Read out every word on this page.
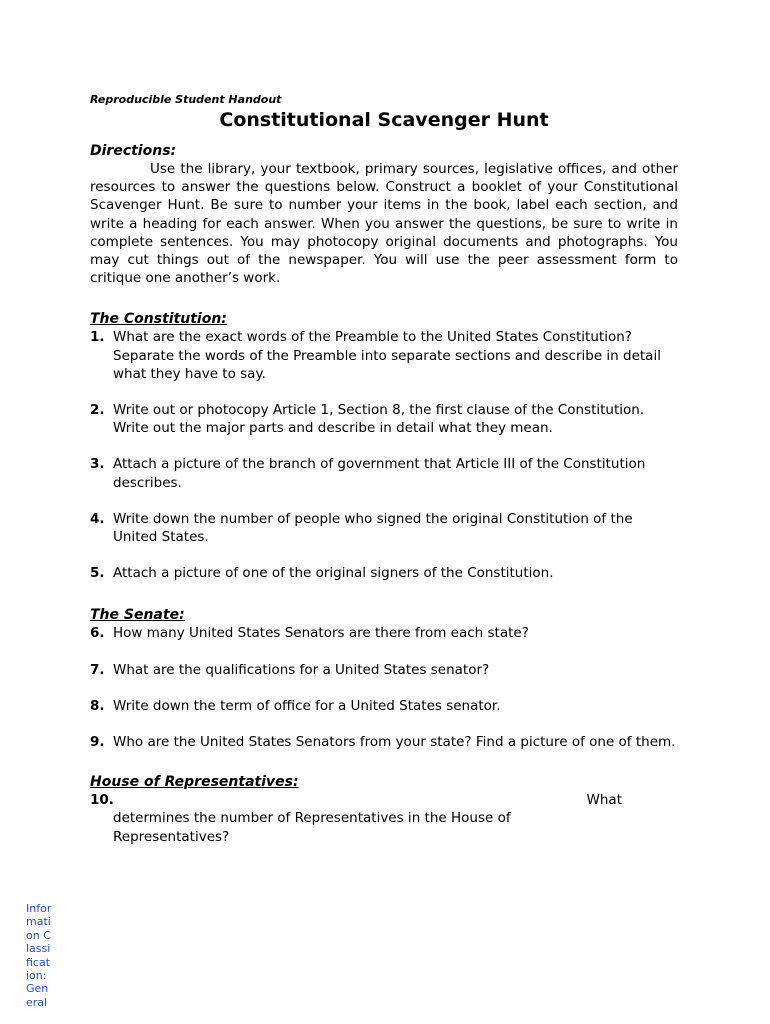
Reproducible Student Handout

Constitutional Scavenger Hunt
Directions:

Use the library, your textbook, primary sources, legislative offices, and other resources to answer the questions below. Construct a booklet of your Constitutional Scavenger Hunt. Be sure to number your items in the book, label each section, and write a heading for each answer. When you answer the questions, be sure to write in complete sentences. You may photocopy original documents and photographs. You may cut things out of the newspaper. You will use the peer assessment form to critique one another’s work.

The Constitution:
1. What are the exact words of the Preamble to the United States Constitution? Separate the words of the Preamble into separate sections and describe in detail what they have to say.
2. Write out or photocopy Article 1, Section 8, the first clause of the Constitution. Write out the major parts and describe in detail what they mean.
3. Attach a picture of the branch of government that Article III of the Constitution describes.
4. Write down the number of people who signed the original Constitution of the United States.
5. Attach a picture of one of the original signers of the Constitution.
The Senate:
6. How many United States Senators are there from each state?
7. What are the qualifications for a United States senator?
8. Write down the term of office for a United States senator.
9. Who are the United States Senators from your state? Find a picture of one of them.
House of Representatives:
10.	What
determines the number of Representatives in the House of Representatives?
Information Classification: General
